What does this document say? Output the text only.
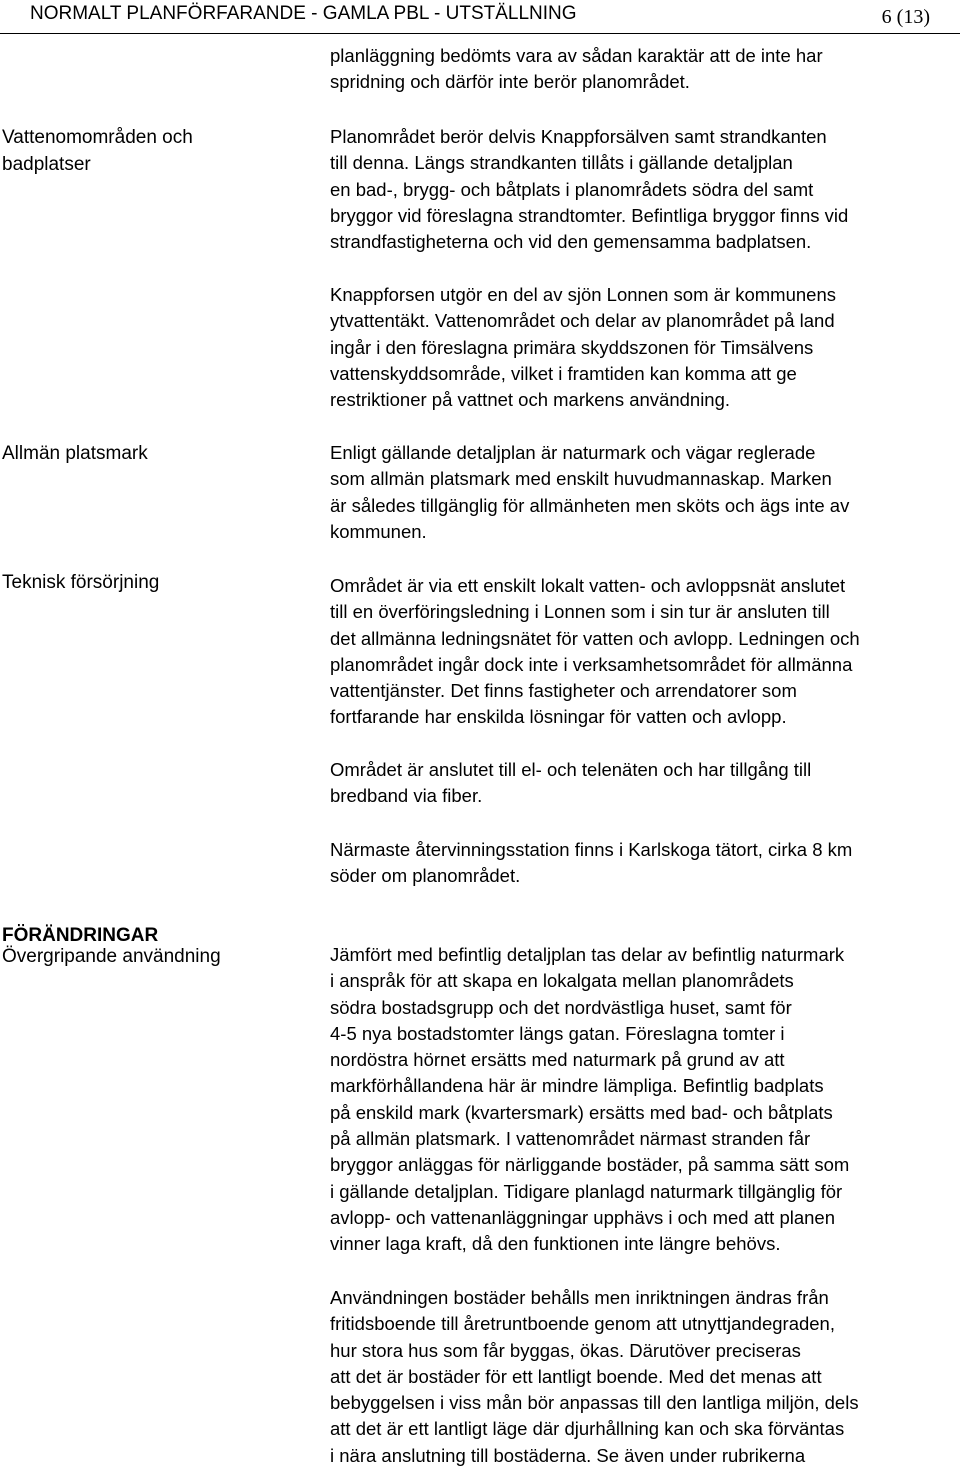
NORMALT PLANFÖRFARANDE - GAMLA PBL - UTSTÄLLNING	6 (13)
Vattenomområden och
badplatser
Allmän platsmark
Teknisk försörjning
FÖRÄNDRINGAR
Övergripande användning
planläggning bedömts vara av sådan karaktär att de inte har
spridning och därför inte berör planområdet.
Planområdet berör delvis Knappforsälven samt strandkanten
till denna. Längs strandkanten tillåts i gällande detaljplan
en bad-, brygg- och båtplats i planområdets södra del samt
bryggor vid föreslagna strandtomter. Befintliga bryggor finns vid
strandfastigheterna och vid den gemensamma badplatsen.
Knappforsen utgör en del av sjön Lonnen som är kommunens
ytvattentäkt. Vattenområdet och delar av planområdet på land
ingår i den föreslagna primära skyddszonen för Timsälvens
vattenskyddsområde, vilket i framtiden kan komma att ge
restriktioner på vattnet och markens användning.
Enligt gällande detaljplan är naturmark och vägar reglerade
som allmän platsmark med enskilt huvudmannaskap. Marken
är således tillgänglig för allmänheten men sköts och ägs inte av
kommunen.
Området är via ett enskilt lokalt vatten- och avloppsnät anslutet
till en överföringsledning i Lonnen som i sin tur är ansluten till
det allmänna ledningsnätet för vatten och avlopp. Ledningen och
planområdet ingår dock inte i verksamhetsområdet för allmänna
vattentjänster. Det finns fastigheter och arrendatorer som
fortfarande har enskilda lösningar för vatten och avlopp.
Området är anslutet till el- och telenäten och har tillgång till
bredband via fiber.
Närmaste återvinningsstation finns i Karlskoga tätort, cirka 8 km
söder om planområdet.
Jämfört med befintlig detaljplan tas delar av befintlig naturmark
i anspråk för att skapa en lokalgata mellan planområdets
södra bostadsgrupp och det nordvästliga huset, samt för
4-5 nya bostadstomter längs gatan. Föreslagna tomter i
nordöstra hörnet ersätts med naturmark på grund av att
markförhållandena här är mindre lämpliga. Befintlig badplats
på enskild mark (kvartersmark) ersätts med bad- och båtplats
på allmän platsmark. I vattenområdet närmast stranden får
bryggor anläggas för närliggande bostäder, på samma sätt som
i gällande detaljplan. Tidigare planlagd naturmark tillgänglig för
avlopp- och vattenanläggningar upphävs i och med att planen
vinner laga kraft, då den funktionen inte längre behövs.
Användningen bostäder behålls men inriktningen ändras från
fritidsboende till åretruntboende genom att utnyttjandegraden,
hur stora hus som får byggas, ökas. Därutöver preciseras
att det är bostäder för ett lantligt boende. Med det menas att
bebyggelsen i viss mån bör anpassas till den lantliga miljön, dels
att det är ett lantligt läge där djurhållning kan och ska förväntas
i nära anslutning till bostäderna. Se även under rubrikerna
